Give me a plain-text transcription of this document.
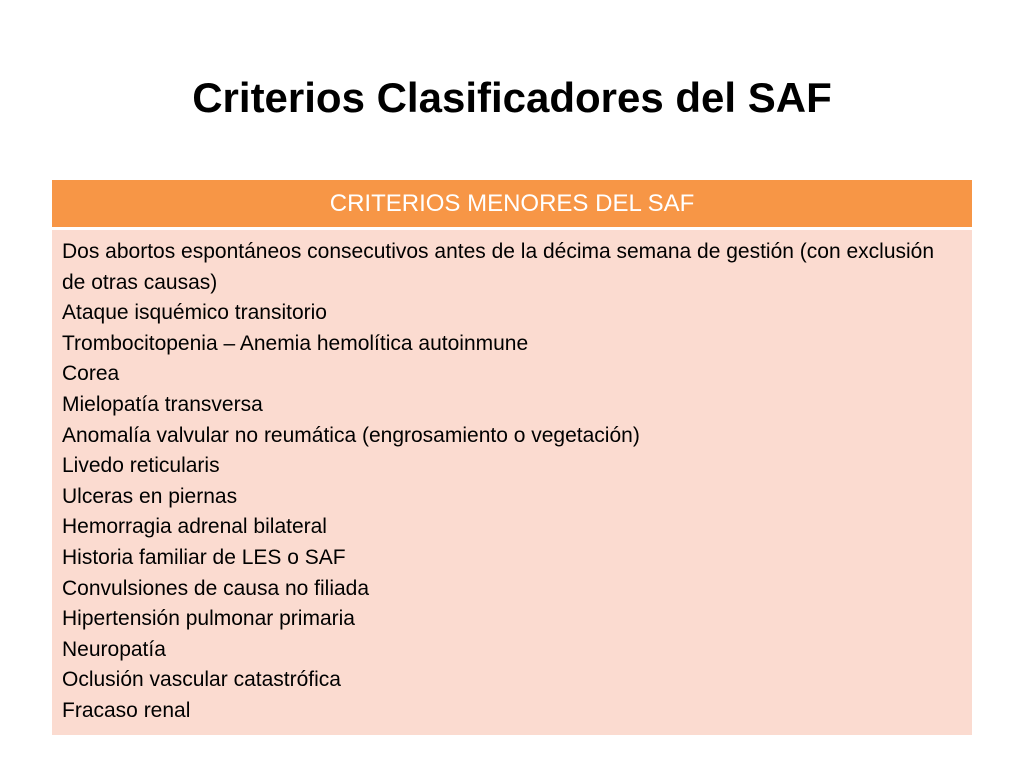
Criterios Clasificadores del SAF
CRITERIOS MENORES DEL SAF

Dos abortos espontáneos consecutivos antes de la décima semana de gestión (con exclusión de otras causas)
Ataque isquémico transitorio
Trombocitopenia – Anemia hemolítica autoinmune
Corea
Mielopatía transversa
Anomalía valvular no reumática (engrosamiento o vegetación)
Livedo reticularis
Ulceras en piernas
Hemorragia adrenal bilateral
Historia familiar de LES o SAF
Convulsiones de causa no filiada
Hipertensión pulmonar primaria
Neuropatía
Oclusión vascular catastrófica
Fracaso renal
